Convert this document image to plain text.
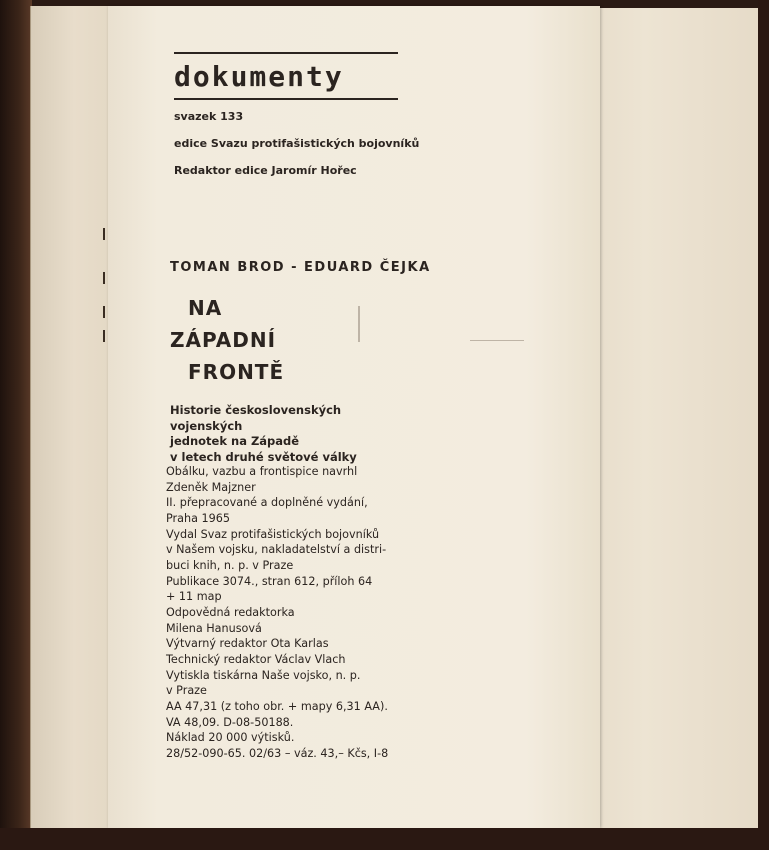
dokumenty
svazek 133
edice Svazu protifašistických bojovníků
Redaktor edice Jaromír Hořec
TOMAN BROD - EDUARD ČEJKA
NA
ZÁPADNÍ
FRONTĚ
Historie československých vojenských
jednotek na Západě
v letech druhé světové války
Obálku, vazbu a frontispice navrhl
Zdeněk Majzner
II. přepracované a doplněné vydání,
Praha 1965
Vydal Svaz protifašistických bojovníků
v Našem vojsku, nakladatelství a distri-
buci knih, n. p. v Praze
Publikace 3074., stran 612, příloh 64
+ 11 map
Odpovědná redaktorka
Milena Hanusová
Výtvarný redaktor Ota Karlas
Technický redaktor Václav Vlach
Vytiskla tiskárna Naše vojsko, n. p.
v Praze
AA 47,31 (z toho obr. + mapy 6,31 AA).
VA 48,09. D-08-50188.
Náklad 20 000 výtisků.
28/52-090-65. 02/63 – váz. 43,– Kčs, I-8
